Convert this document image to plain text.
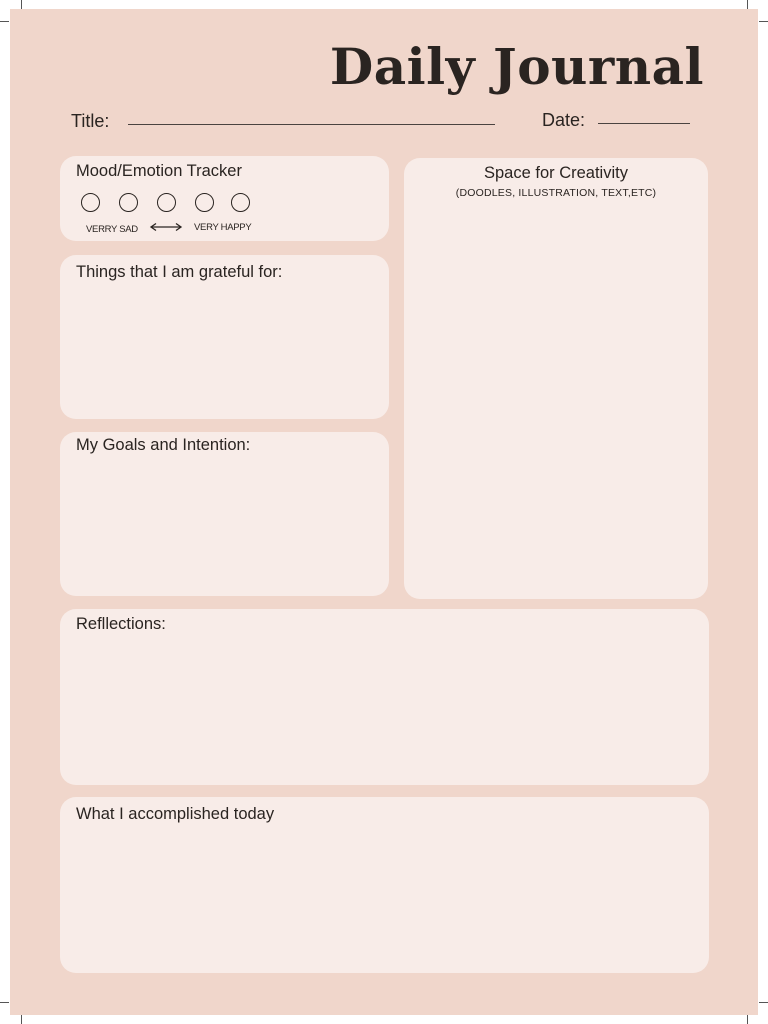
Daily Journal
Title:	Date:
Mood/Emotion Tracker
VERRY SAD	VERY HAPPY
Things that I am grateful for:
My Goals and Intention:
Space for Creativity
(DOODLES, ILLUSTRATION, TEXT,ETC)
Refllections:
What I accomplished today
